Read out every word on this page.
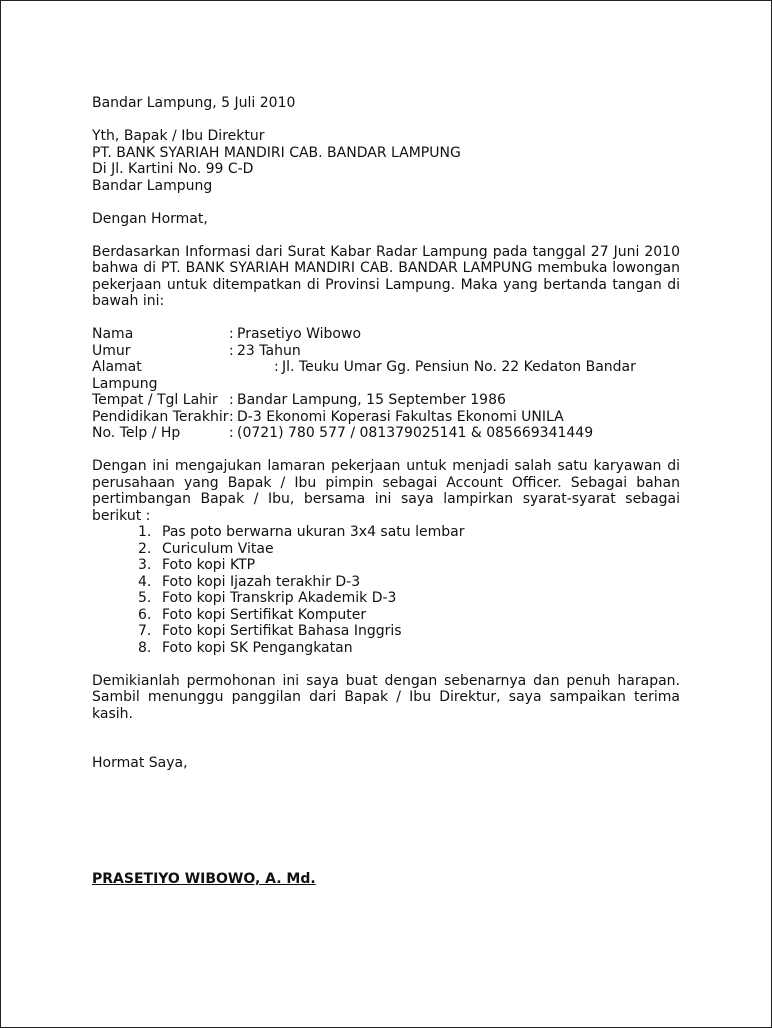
Bandar Lampung, 5 Juli 2010
Yth, Bapak / Ibu Direktur
PT. BANK SYARIAH MANDIRI CAB. BANDAR LAMPUNG
Di Jl. Kartini No. 99 C-D
Bandar Lampung
Dengan Hormat,

Berdasarkan Informasi dari Surat Kabar Radar Lampung pada tanggal 27 Juni 2010 bahwa di PT. BANK SYARIAH MANDIRI CAB. BANDAR LAMPUNG membuka lowongan pekerjaan untuk ditempatkan di Provinsi Lampung. Maka yang bertanda tangan di bawah ini:

Nama	: Prasetiyo Wibowo
Umur	: 23 Tahun
Alamat	: Jl. Teuku Umar Gg. Pensiun No. 22 Kedaton Bandar
Lampung
Tempat / Tgl Lahir : Bandar Lampung, 15 September 1986
Pendidikan Terakhir : D-3 Ekonomi Koperasi Fakultas Ekonomi UNILA
No. Telp / Hp	: (0721) 780 577 / 081379025141 & 085669341449

Dengan ini mengajukan lamaran pekerjaan untuk menjadi salah satu karyawan di perusahaan yang Bapak / Ibu pimpin sebagai Account Officer. Sebagai bahan pertimbangan Bapak / Ibu, bersama ini saya lampirkan syarat-syarat sebagai berikut :

1. Pas poto berwarna ukuran 3x4 satu lembar
2. Curiculum Vitae
3. Foto kopi KTP
4. Foto kopi Ijazah terakhir D-3
5. Foto kopi Transkrip Akademik D-3
6. Foto kopi Sertifikat Komputer
7. Foto kopi Sertifikat Bahasa Inggris
8. Foto kopi SK Pengangkatan

Demikianlah permohonan ini saya buat dengan sebenarnya dan penuh harapan. Sambil menunggu panggilan dari Bapak / Ibu Direktur, saya sampaikan terima kasih.

Hormat Saya,
PRASETIYO WIBOWO, A. Md.
